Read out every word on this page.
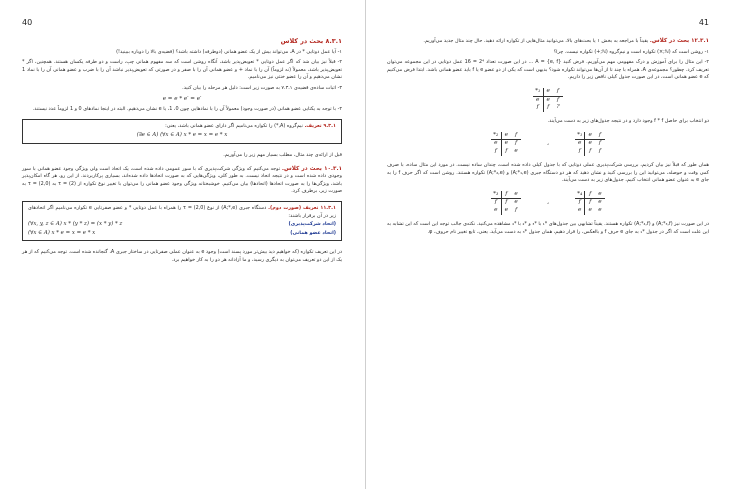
40
۸.۳.۱ بحث در کلاس
۱- آیا عمل دوتایی * در A، می‌تواند بیش از یک عضو همانی (دوطرفه) داشته باشد؟ (قضیه‌ی بالا را دوباره ببینید!)
۲- قبلاً نیز بیان شد که اگر عمل دوتایی * تعویض‌پذیر باشد، آنگاه روشن است که سه مفهوم همانی چپ، راست و دو طرفه یکسان هستند. همچنین، اگر * تعویض‌پذیر باشد، معمولاً (نه لزوماً) آن را با نماد + و عضو همانی آن را با صفر و در صورتی که تعویض‌پذیر نباشد آن را با ضرب و عضو همانی آن را با نماد 1 نشان می‌دهیم و آن را عضو خنثی نیز می‌نامیم.
۳- اثبات ساده‌ی قضیه‌ی ۷.۳.۱ به صورت زیر است: دلیل هر مرحله را بیان کنید.
e = e * e′ = e′
۴- با توجه به یکتایی عضو همانی (در صورت وجود) معمولاً آن را با نمادهایی چون 0، 1، یا e نشان می‌دهیم. البته در اینجا نمادهای 0 و 1 لزوماً عدد نیستند.
۹.۳.۱ تعریف. نیم‌گروه (A,*) را تکواره می‌نامیم اگر دارای عضو همانی باشد، یعنی:
(∃e ∈ A) (∀x ∈ A) x * e = x = e * x
قبل از ارائه‌ی چند مثال، مطلب بسیار مهم زیر را می‌آوریم.
۱۰.۳.۱ بحث در کلاس. توجه می‌کنیم که ویژگی شرکت‌پذیری که با سور عمومی داده شده است، یک اتحاد است ولی ویژگی وجود عضو همانی با سور وجودی داده شده است و در نتیجه اتحاد نیست. به طور کلی، ویژگی‌هایی که به صورت اتحادها داده شده‌اند، بسیاری پرکاربردند. از این رو، هر گاه امکان‌پذیر باشد، ویژگی‌ها را به صورت اتحادها (اتحادها) بیان می‌کنیم. خوشبختانه ویژگی وجود عضو همانی را می‌توان با تغییر نوع تکواره از (2) = τ به (2,0) = τ به صورت زیر، برطرف کرد.
۱۱.۳.۱ تعریف (صورت دوم). دستگاه جبری (A;*,e) از نوع (2,0) = τ را همراه با عمل دوتایی * و عضو صفرتایی e تکواره می‌نامیم اگر اتحادهای زیر در آن برقرار باشند:
(اتحاد شرکت‌پذیری)
(∀x, y, z ∈ A) x * (y * z) = (x * y) * z
(اتحاد عضو همانی)
(∀x ∈ A) x * e = x = e * x
در این تعریف تکواره (که خواهیم دید بیش‌تر مورد پسند است) وجود e به عنوان عملی صفرتایی در ساختار جبری A، گنجانده شده است. توجه می‌کنیم که از هر یک از این دو تعریف می‌توان به دیگری رسید، و ما آزادانه هر دو را به کار خواهیم برد.
41
۱۲.۳.۱ بحث در کلاس. یقیناً با مراجعه به بخش ۱ یا بحث‌های بالا، می‌توانید مثال‌هایی از تکواره ارائه دهید. حال چند مثال جدید می‌آوریم.
۱- روشن است که (ℕ;×) تکواره است و نیم‌گروه (ℕ;+) تکواره نیست. چرا؟
۲- این مثال را برای آموزش و درک مفهومی مهم می‌آوریم. فرض کنید A = {e, f} ... در این صورت تعداد 2⁴ = 16 عمل دوتایی در این مجموعه می‌توان تعریف کرد. چطور؟ مجموعه‌ی A، همراه با چند تا از آن‌ها می‌تواند تکواره شود؟ بدیهی است که یکی از دو عضو e یا f باید عضو همانی باشد. ابتدا فرض می‌کنیم که e عضو همانی است، در این صورت جدول کیلی ناقص زیر را داریم.
*₁	e	f
e	e	f
f	f	?
دو انتخاب برای حاصل f * f وجود دارد و در نتیجه جدول‌های زیر به دست می‌آیند.
*₂	e	f
e	e	f
f	f	e
،
*₁	e	f
e	e	f
f	f	f
همان طور که قبلاً نیز بیان کردیم، بررسی شرکت‌پذیری عملی دوتایی که با جدول کیلی داده شده است، چندان ساده نیست. در مورد این مثال ساده، با صرف کمی وقت و حوصله، می‌توانید این را بررسی کنید و نشان دهید که هر دو دستگاه جبری (A;*₁,e) و (A;*₂,e) تکواره هستند. روشن است که اگر حرف f را به جای e به عنوان عضو همانی انتخاب کنیم، جدول‌های زیر به دست می‌آیند.
*₃	f	e
f	f	e
e	e	f
،
*₄	f	e
f	f	e
e	e	e
در این صورت نیز (A;*₃,f) و (A;*₄,f) تکواره هستند. یقیناً تشابهی بین جدول‌های *₁ با *₃ و *₂ با *₄ مشاهده می‌کنید. نکته‌ی جالب توجه این است که این تشابه به این علت است که اگر در جدول *₁ به جای e حرف f و بالعکس، را قرار دهیم، همان جدول *₃ به دست می‌آید. یعنی، تابع تغییر نام حروف، φ.
